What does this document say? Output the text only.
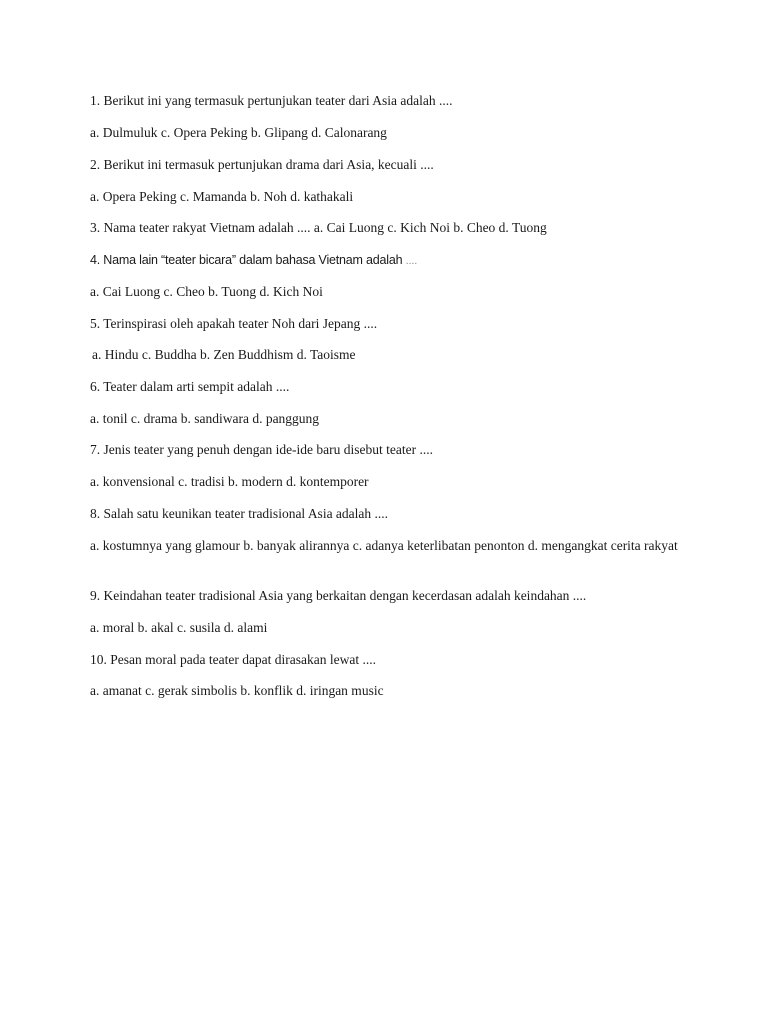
1. Berikut ini yang termasuk pertunjukan teater dari Asia adalah ....
a. Dulmuluk c. Opera Peking b. Glipang d. Calonarang
2. Berikut ini termasuk pertunjukan drama dari Asia, kecuali ....
a. Opera Peking c. Mamanda b. Noh d. kathakali
3. Nama teater rakyat Vietnam adalah .... a. Cai Luong c. Kich Noi b. Cheo d. Tuong
4. Nama lain “teater bicara” dalam bahasa Vietnam adalah ....
a. Cai Luong c. Cheo b. Tuong d. Kich Noi
5. Terinspirasi oleh apakah teater Noh dari Jepang ....
a. Hindu c. Buddha b. Zen Buddhism d. Taoisme
6. Teater dalam arti sempit adalah ....
a. tonil c. drama b. sandiwara d. panggung
7. Jenis teater yang penuh dengan ide-ide baru disebut teater ....
a. konvensional c. tradisi b. modern d. kontemporer
8. Salah satu keunikan teater tradisional Asia adalah ....
a. kostumnya yang glamour b. banyak alirannya c. adanya keterlibatan penonton d. mengangkat cerita rakyat
9. Keindahan teater tradisional Asia yang berkaitan dengan kecerdasan adalah keindahan ....
a. moral b. akal c. susila d. alami
10. Pesan moral pada teater dapat dirasakan lewat ....
a. amanat c. gerak simbolis b. konflik d. iringan music
